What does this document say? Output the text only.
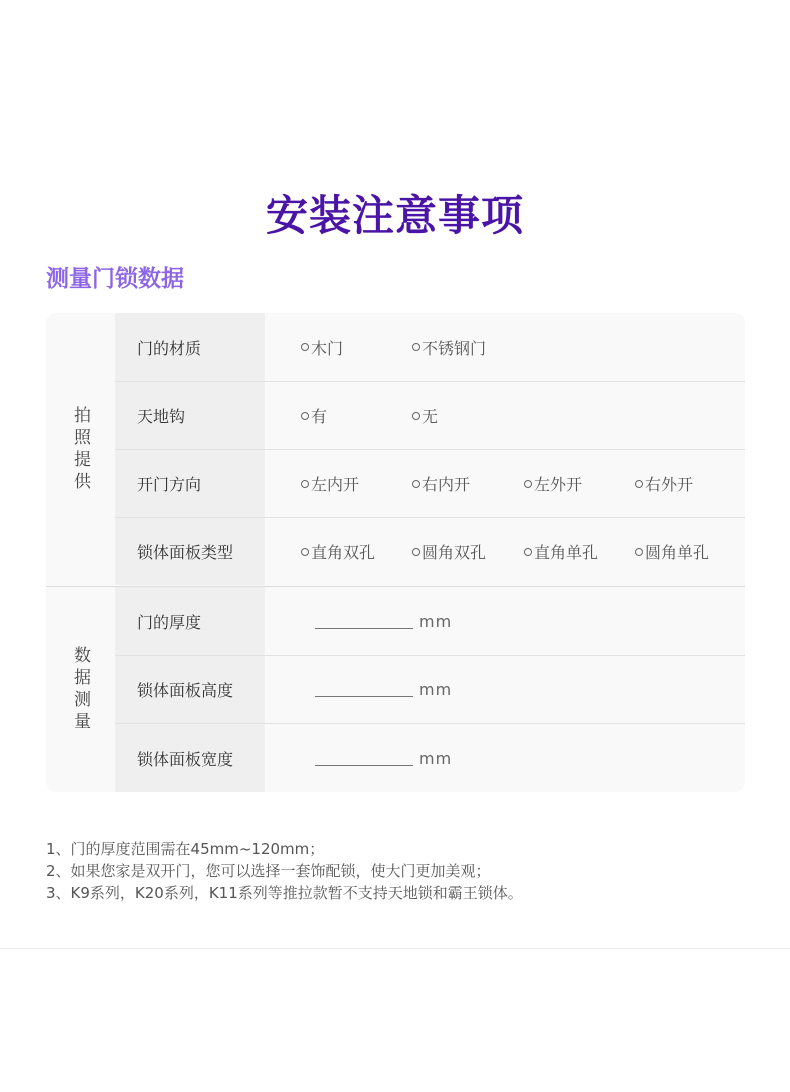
安装注意事项
测量门锁数据
拍照提供
门的材质	木门	不锈钢门
天地钩	有	无
开门方向	左内开	右内开	左外开	右外开
锁体面板类型	直角双孔	圆角双孔	直角单孔	圆角单孔
数据测量
门的厚度	mm
锁体面板高度	mm
锁体面板宽度	mm
1、门的厚度范围需在45mm~120mm；
2、如果您家是双开门，您可以选择一套饰配锁，使大门更加美观；
3、K9系列，K20系列，K11系列等推拉款暂不支持天地锁和霸王锁体。
